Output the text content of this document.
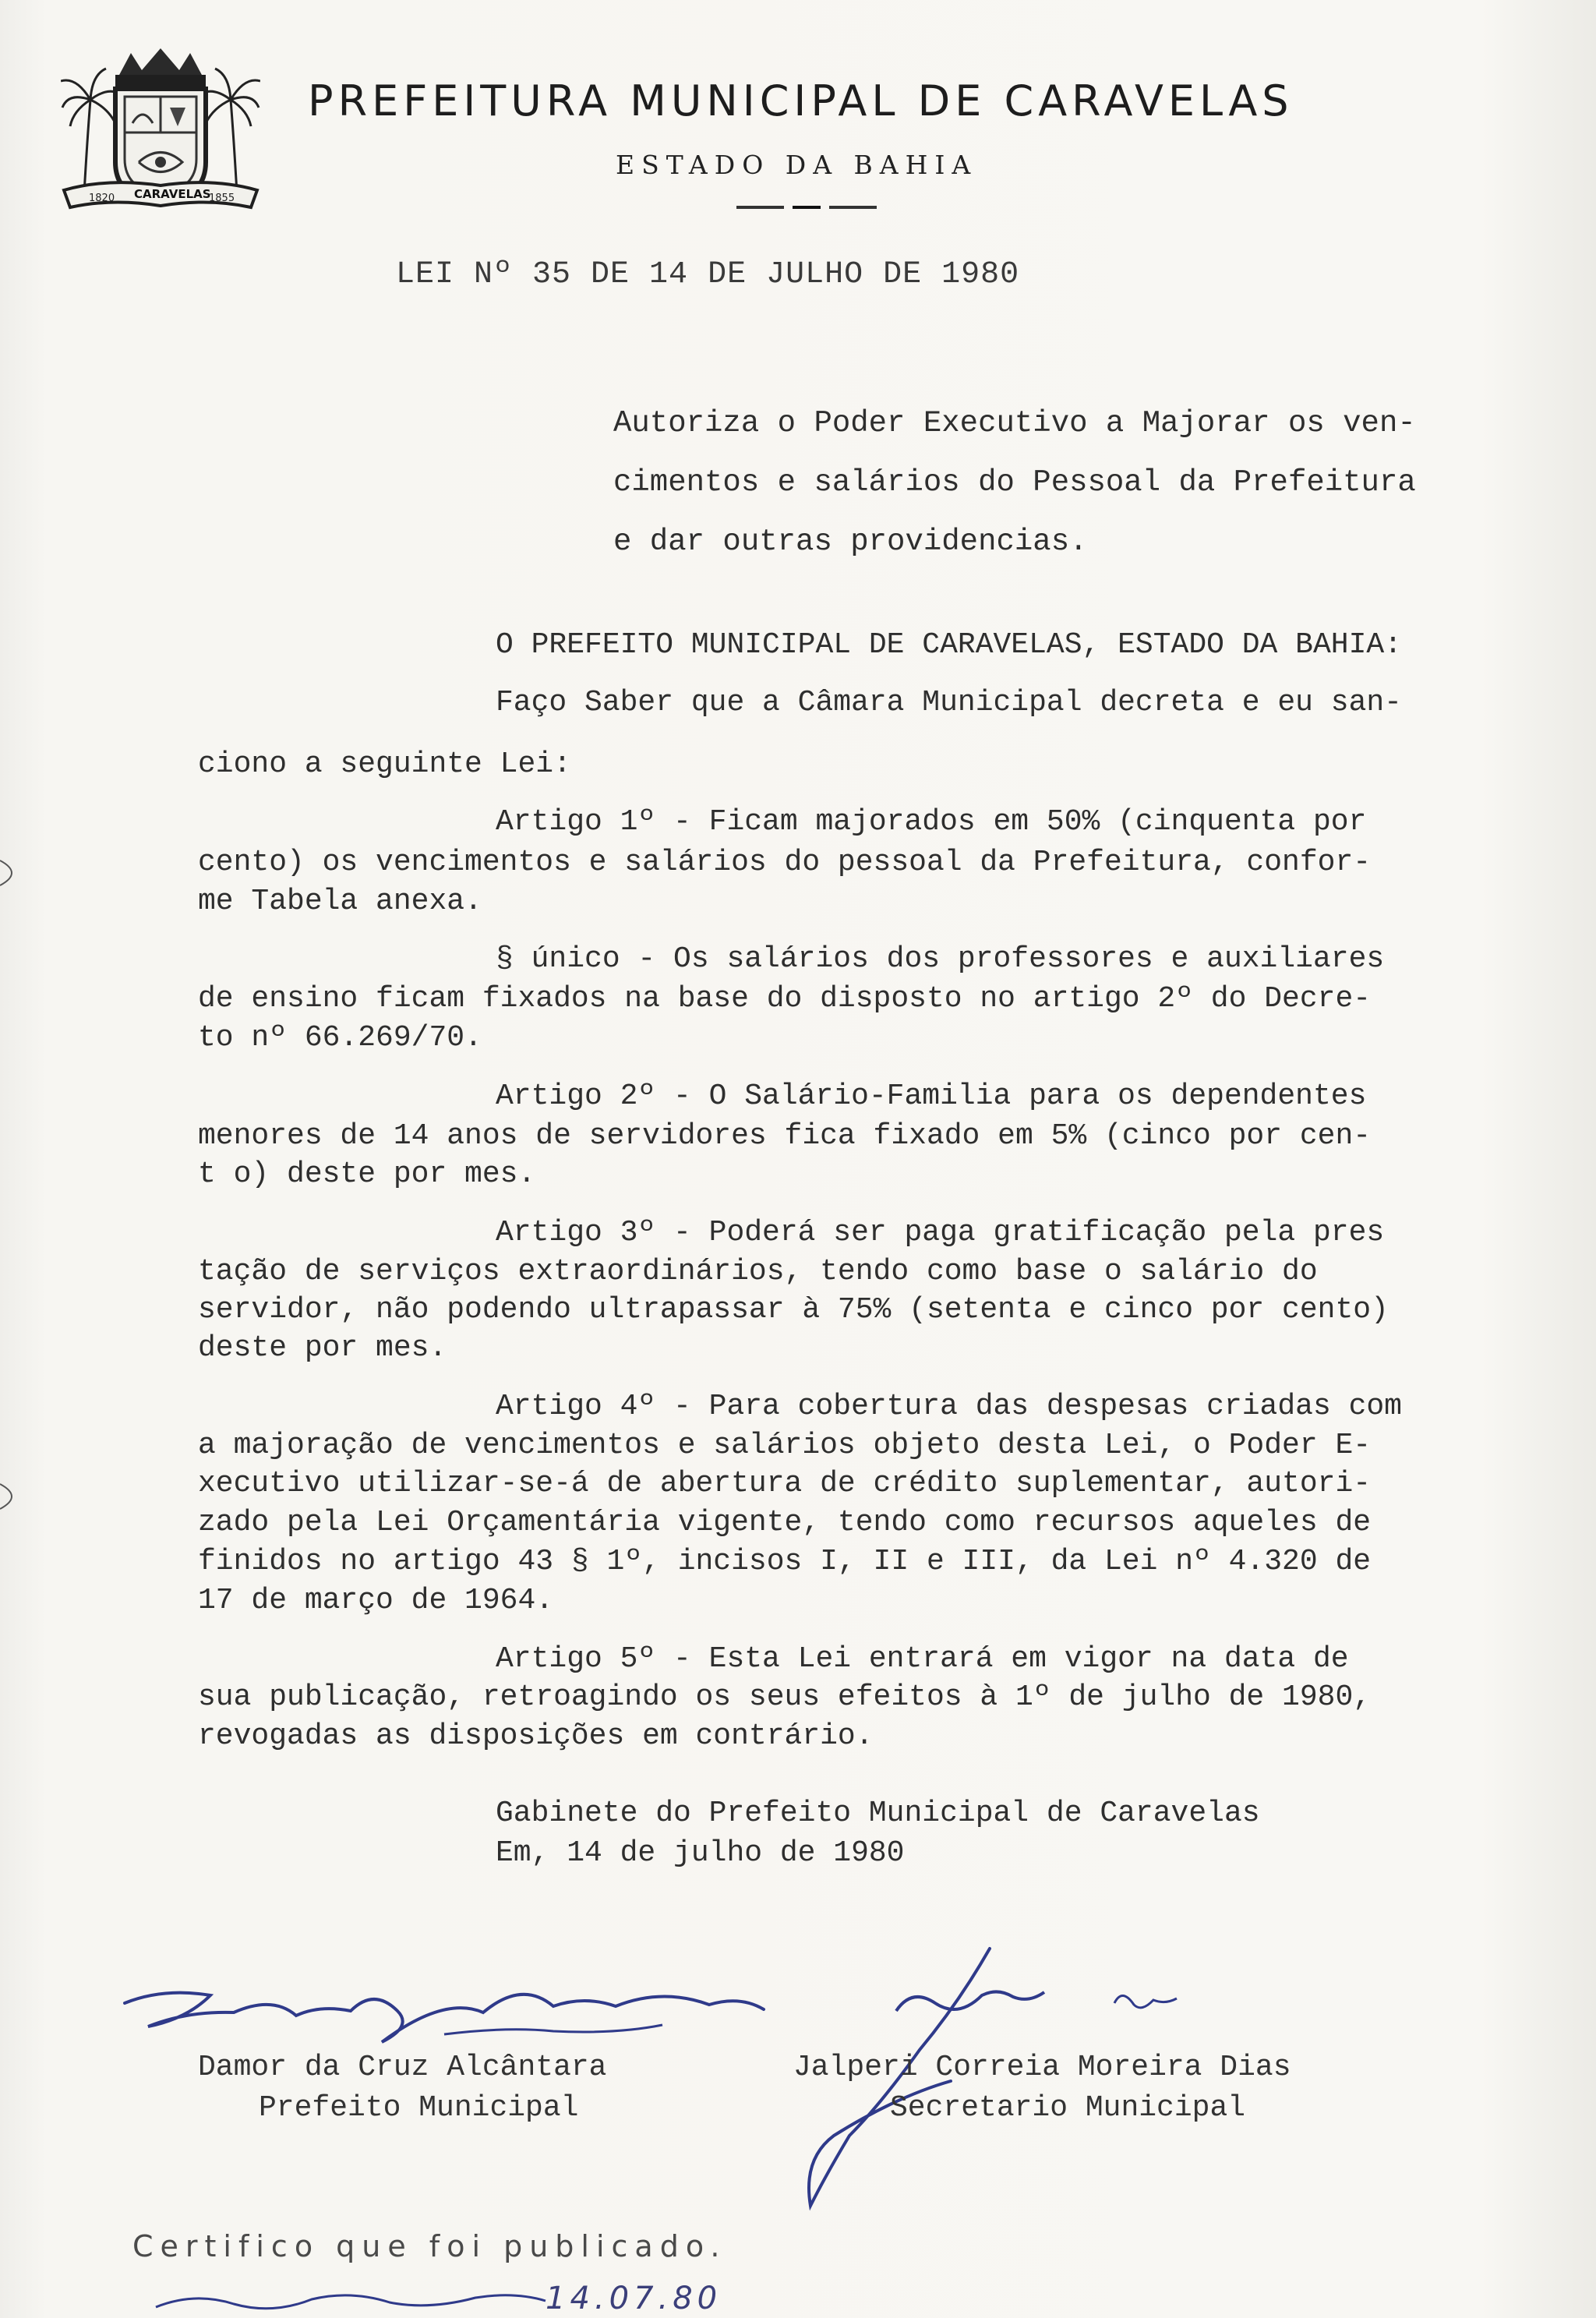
1820 CARAVELAS
1855
PREFEITURA MUNICIPAL DE CARAVELAS
ESTADO DA BAHIA
LEI Nº 35 DE 14 DE JULHO DE 1980
Autoriza o Poder Executivo a Majorar os ven-
cimentos e salários do Pessoal da Prefeitura
e dar outras providencias.
O PREFEITO MUNICIPAL DE CARAVELAS, ESTADO DA BAHIA:
Faço Saber que a Câmara Municipal decreta e eu san-
ciono a seguinte Lei:
Artigo 1º - Ficam majorados em 50% (cinquenta por
cento) os vencimentos e salários do pessoal da Prefeitura, confor-
me Tabela anexa.
§ único - Os salários dos professores e auxiliares
de ensino ficam fixados na base do disposto no artigo 2º do Decre-
to nº 66.269/70.
Artigo 2º - O Salário-Familia para os dependentes
menores de 14 anos de servidores fica fixado em 5% (cinco por cen-
t o) deste por mes.
Artigo 3º - Poderá ser paga gratificação pela pres
tação de serviços extraordinários, tendo como base o salário do
servidor, não podendo ultrapassar à 75% (setenta e cinco por cento)
deste por mes.
Artigo 4º - Para cobertura das despesas criadas com
a majoração de vencimentos e salários objeto desta Lei, o Poder E-
xecutivo utilizar-se-á de abertura de crédito suplementar, autori-
zado pela Lei Orçamentária vigente, tendo como recursos aqueles de
finidos no artigo 43 § 1º, incisos I, II e III, da Lei nº 4.320 de
17 de março de 1964.
Artigo 5º - Esta Lei entrará em vigor na data de
sua publicação, retroagindo os seus efeitos à 1º de julho de 1980,
revogadas as disposições em contrário.
Gabinete do Prefeito Municipal de Caravelas
Em, 14 de julho de 1980
Damor da Cruz Alcântara
Prefeito Municipal
Jalperi Correia Moreira Dias
Secretario Municipal
Certifico que foi publicado.
14.07.80
